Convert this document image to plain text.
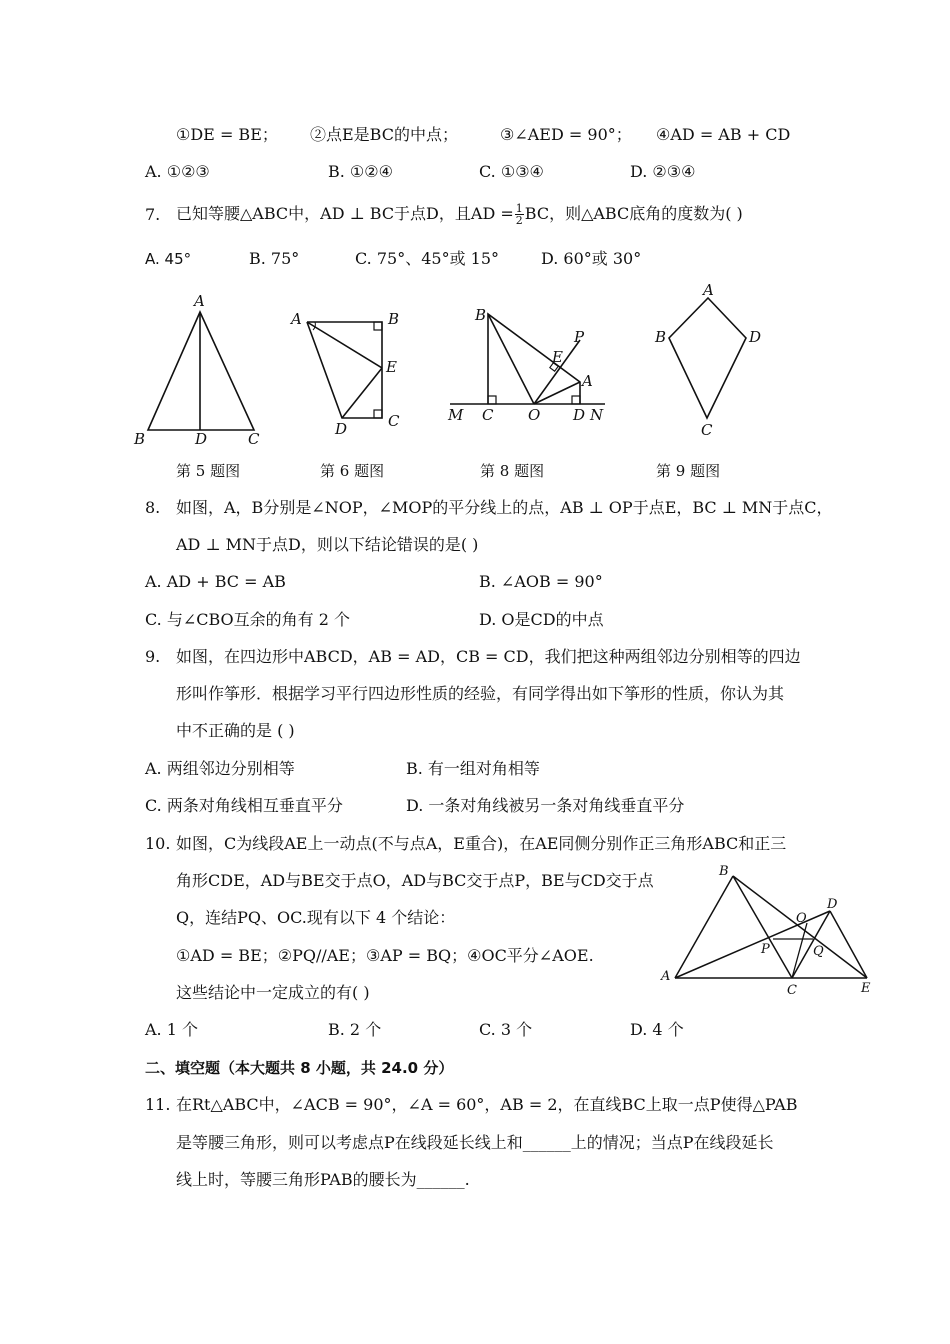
①DE = BE； ②点E是BC的中点；	③∠AED = 90°； ④AD = AB + CD
A. ①②③	B. ①②④	C. ①③④	D. ②③④
7. 已知等腰△ABC中，AD ⊥ BC于点D，且AD = $\frac{1}{2}$ BC，则△ABC底角的度数为( )
A. 45°	B. 75°	C. 75°、45°或 15°	D. 60°或 30°
A
B	D	C
第 5 题图
A	B
E
D	C
第 6 题图
B
P
E
A
M C O D N
第 8 题图
A
B	D
C
第 9 题图
8. 如图，A，B分别是∠NOP，∠MOP的平分线上的点，AB ⊥ OP于点E，BC ⊥ MN于点C，
AD ⊥ MN于点D，则以下结论错误的是( )
A. AD + BC = AB	B. ∠AOB = 90°
C. 与∠CBO互余的角有 2 个	D. O是CD的中点
9. 如图，在四边形中ABCD，AB = AD，CB = CD，我们把这种两组邻边分别相等的四边
形叫作筝形．根据学习平行四边形性质的经验，有同学得出如下筝形的性质，你认为其
中不正确的是 ( )
A. 两组邻边分别相等	B. 有一组对角相等
C. 两条对角线相互垂直平分	D. 一条对角线被另一条对角线垂直平分
10. 如图，C为线段AE上一动点(不与点A，E重合)，在AE同侧分别作正三角形ABC和正三
角形CDE，AD与BE交于点O，AD与BC交于点P，BE与CD交于点
Q，连结PQ、OC.现有以下 4 个结论：
①AD = BE；②PQ//AE；③AP = BQ；④OC平分∠AOE.
这些结论中一定成立的有( )
B
D
O
P	Q
A
C	E
A. 1 个	B. 2 个	C. 3 个	D. 4 个
二、填空题（本大题共 8 小题，共 24.0 分）
11. 在Rt△ABC中，∠ACB = 90°，∠A = 60°，AB = 2，在直线BC上取一点P使得△PAB
是等腰三角形，则可以考虑点P在线段延长线上和______上的情况；当点P在线段延长
线上时，等腰三角形PAB的腰长为______.
